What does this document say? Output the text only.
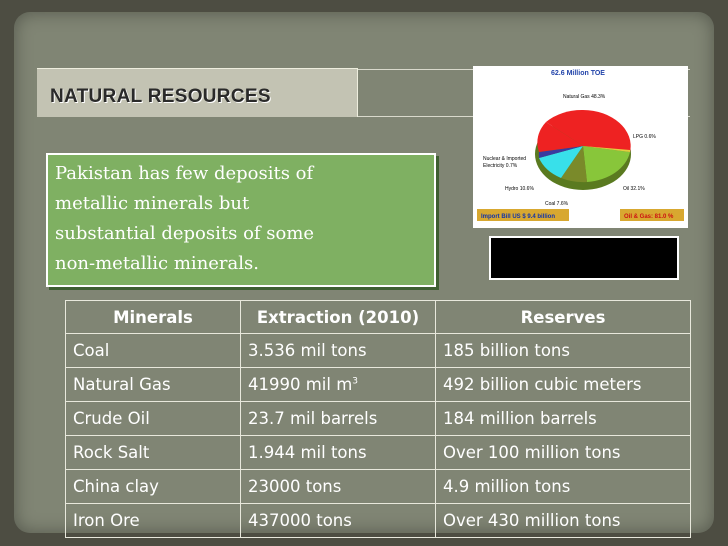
NATURAL RESOURCES
Pakistan has few deposits of
metallic minerals but
substantial deposits of some
non-metallic minerals.
62.6 Million TOE
Natural Gas 48.3%
LPG 0.6%
Nuclear & Imported
Electricity 0.7%
Hydro 10.6%	Oil 32.1%
Coal 7.6%
Import Bill US $ 9.4 billion	Oil & Gas: 81.0 %
Minerals	Extraction (2010)	Reserves
Coal	3.536 mil tons	185 billion tons
Natural Gas	41990 mil $m^3$	492 billion cubic meters
Crude Oil	23.7 mil barrels	184 million barrels
Rock Salt	1.944 mil tons	Over 100 million tons
China clay	23000 tons	4.9 million tons
Iron Ore	437000 tons	Over 430 million tons
